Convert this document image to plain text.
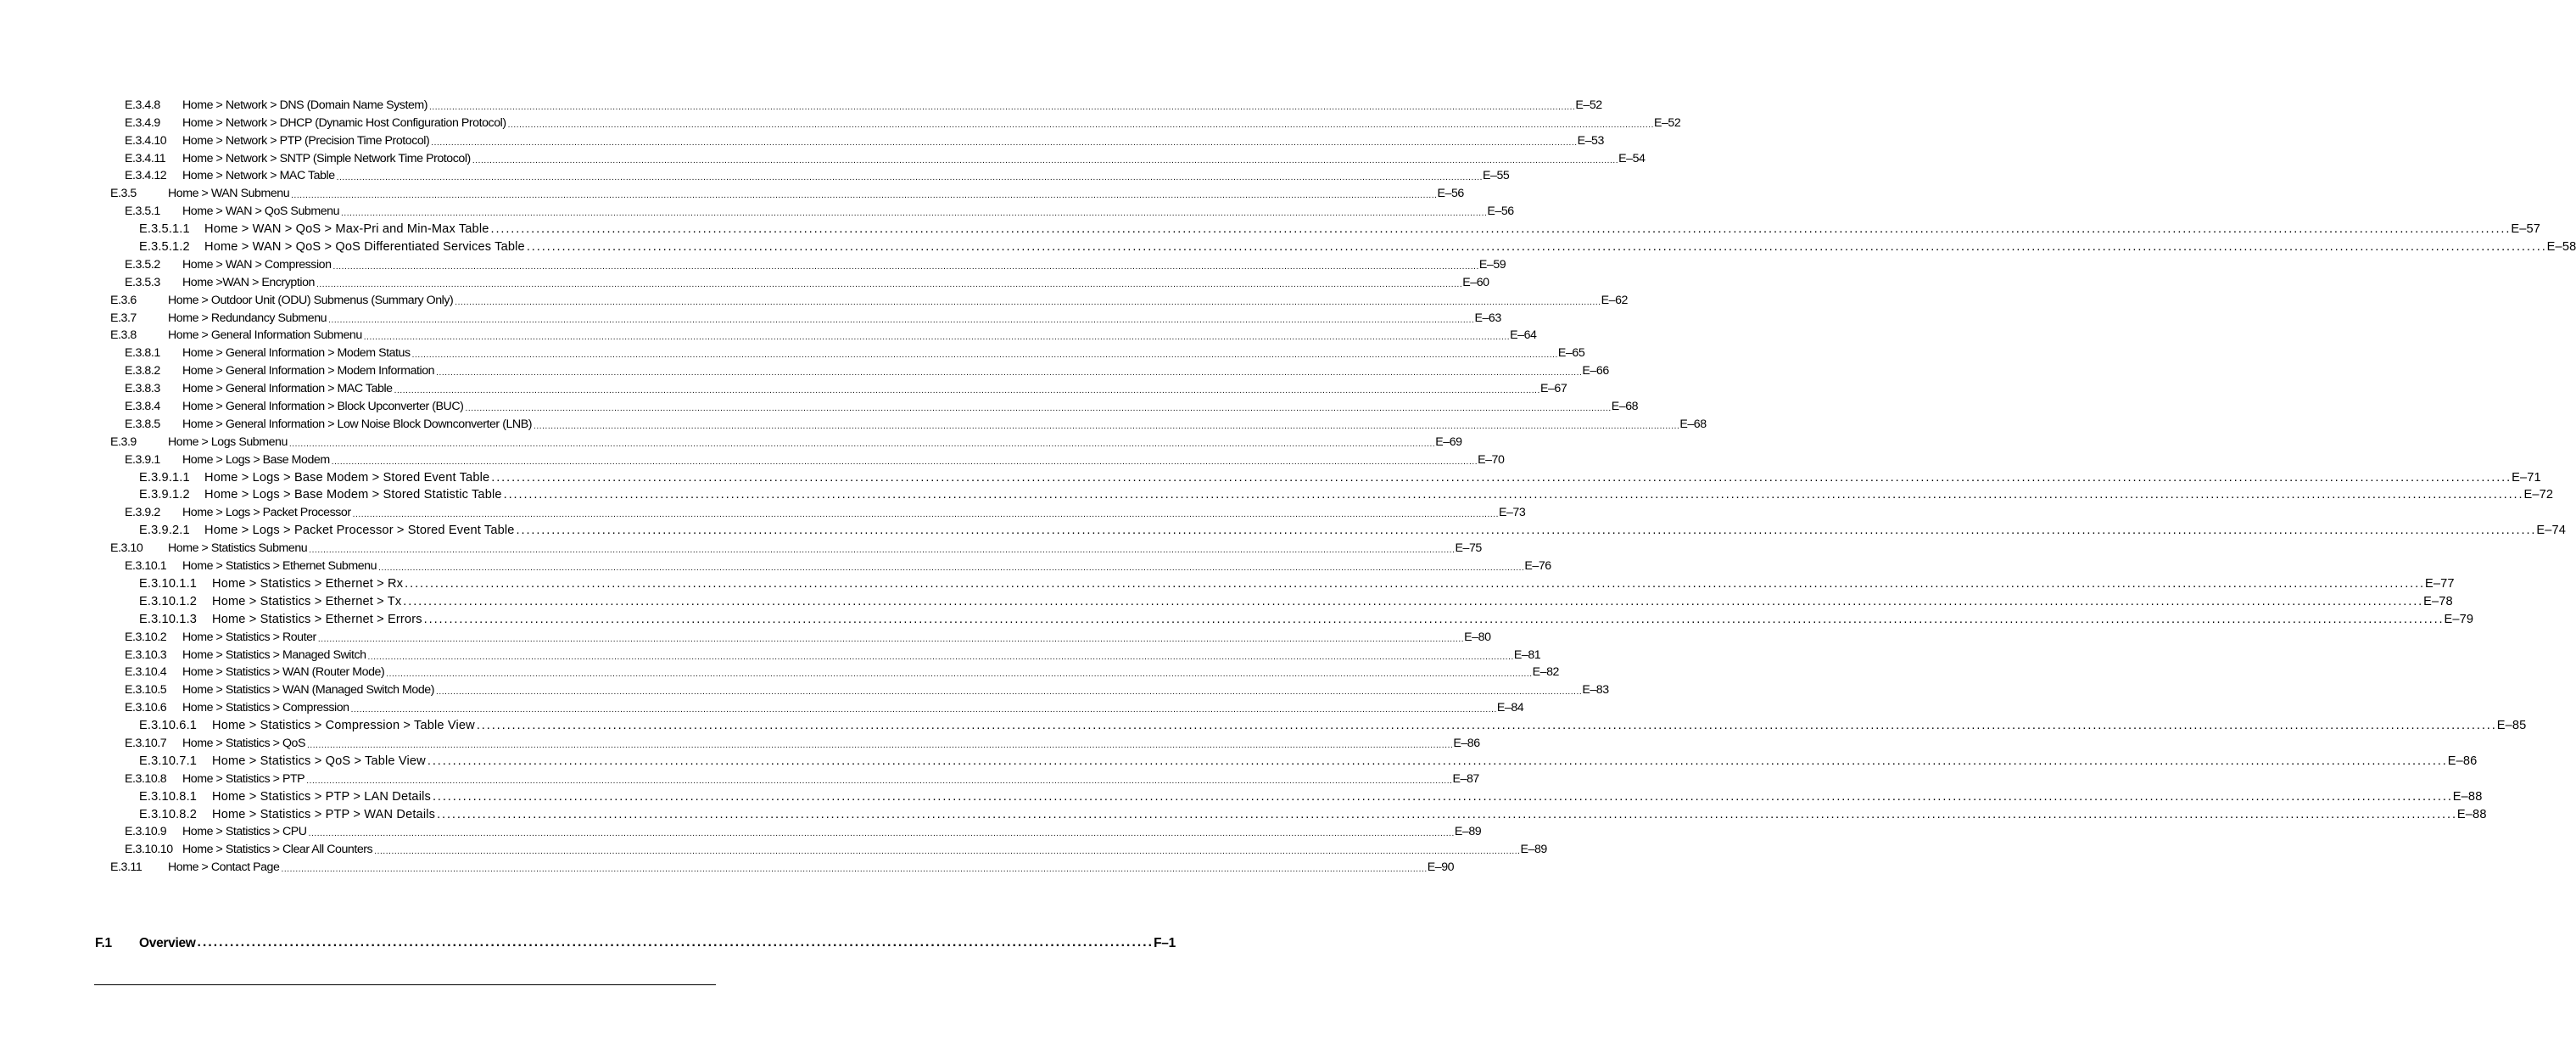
E.3.4.8 Home > Network > DNS (Domain Name System) ................................................................................................................................................................................................................................................................................................................................................................................................................ E–52
E.3.4.9 Home > Network > DHCP (Dynamic Host Configuration Protocol) ................................................................................................................................................................................................................................................................................................................................................................................................................ E–52
E.3.4.10 Home > Network > PTP (Precision Time Protocol) ................................................................................................................................................................................................................................................................................................................................................................................................................ E–53
E.3.4.11 Home > Network > SNTP (Simple Network Time Protocol) ................................................................................................................................................................................................................................................................................................................................................................................................................ E–54
E.3.4.12 Home > Network > MAC Table ................................................................................................................................................................................................................................................................................................................................................................................................................ E–55
E.3.5	Home > WAN Submenu ................................................................................................................................................................................................................................................................................................................................................................................................................ E–56
E.3.5.1 Home > WAN > QoS Submenu ................................................................................................................................................................................................................................................................................................................................................................................................................ E–56
E.3.5.1.1 Home > WAN > QoS > Max-Pri and Min-Max Table ................................................................................................................................................................................................................................................................................................................................................................................................................ E–57
E.3.5.1.2 Home > WAN > QoS > QoS Differentiated Services Table ................................................................................................................................................................................................................................................................................................................................................................................................................ E–58
E.3.5.2 Home > WAN > Compression ................................................................................................................................................................................................................................................................................................................................................................................................................ E–59
E.3.5.3 Home >WAN > Encryption ................................................................................................................................................................................................................................................................................................................................................................................................................ E–60
E.3.6	Home > Outdoor Unit (ODU) Submenus (Summary Only) ................................................................................................................................................................................................................................................................................................................................................................................................................ E–62
E.3.7	Home > Redundancy Submenu ................................................................................................................................................................................................................................................................................................................................................................................................................ E–63
E.3.8	Home > General Information Submenu ................................................................................................................................................................................................................................................................................................................................................................................................................ E–64
E.3.8.1 Home > General Information > Modem Status ................................................................................................................................................................................................................................................................................................................................................................................................................ E–65
E.3.8.2 Home > General Information > Modem Information ................................................................................................................................................................................................................................................................................................................................................................................................................ E–66
E.3.8.3 Home > General Information > MAC Table ................................................................................................................................................................................................................................................................................................................................................................................................................ E–67
E.3.8.4 Home > General Information > Block Upconverter (BUC) ................................................................................................................................................................................................................................................................................................................................................................................................................ E–68
E.3.8.5 Home > General Information > Low Noise Block Downconverter (LNB) ................................................................................................................................................................................................................................................................................................................................................................................................................ E–68
E.3.9	Home > Logs Submenu ................................................................................................................................................................................................................................................................................................................................................................................................................ E–69
E.3.9.1 Home > Logs > Base Modem ................................................................................................................................................................................................................................................................................................................................................................................................................ E–70
E.3.9.1.1 Home > Logs > Base Modem > Stored Event Table ................................................................................................................................................................................................................................................................................................................................................................................................................ E–71
E.3.9.1.2 Home > Logs > Base Modem > Stored Statistic Table ................................................................................................................................................................................................................................................................................................................................................................................................................ E–72
E.3.9.2 Home > Logs > Packet Processor ................................................................................................................................................................................................................................................................................................................................................................................................................ E–73
E.3.9.2.1 Home > Logs > Packet Processor > Stored Event Table ................................................................................................................................................................................................................................................................................................................................................................................................................ E–74
E.3.10 Home > Statistics Submenu ................................................................................................................................................................................................................................................................................................................................................................................................................ E–75
E.3.10.1 Home > Statistics > Ethernet Submenu ................................................................................................................................................................................................................................................................................................................................................................................................................ E–76
E.3.10.1.1 Home > Statistics > Ethernet > Rx ................................................................................................................................................................................................................................................................................................................................................................................................................ E–77
E.3.10.1.2 Home > Statistics > Ethernet > Tx ................................................................................................................................................................................................................................................................................................................................................................................................................ E–78
E.3.10.1.3 Home > Statistics > Ethernet > Errors ................................................................................................................................................................................................................................................................................................................................................................................................................ E–79
E.3.10.2 Home > Statistics > Router ................................................................................................................................................................................................................................................................................................................................................................................................................ E–80
E.3.10.3 Home > Statistics > Managed Switch ................................................................................................................................................................................................................................................................................................................................................................................................................ E–81
E.3.10.4 Home > Statistics > WAN (Router Mode) ................................................................................................................................................................................................................................................................................................................................................................................................................ E–82
E.3.10.5 Home > Statistics > WAN (Managed Switch Mode) ................................................................................................................................................................................................................................................................................................................................................................................................................ E–83
E.3.10.6 Home > Statistics > Compression ................................................................................................................................................................................................................................................................................................................................................................................................................ E–84
E.3.10.6.1 Home > Statistics > Compression > Table View ................................................................................................................................................................................................................................................................................................................................................................................................................ E–85
E.3.10.7 Home > Statistics > QoS ................................................................................................................................................................................................................................................................................................................................................................................................................ E–86
E.3.10.7.1 Home > Statistics > QoS > Table View ................................................................................................................................................................................................................................................................................................................................................................................................................ E–86
E.3.10.8 Home > Statistics > PTP ................................................................................................................................................................................................................................................................................................................................................................................................................ E–87
E.3.10.8.1 Home > Statistics > PTP > LAN Details ................................................................................................................................................................................................................................................................................................................................................................................................................ E–88
E.3.10.8.2 Home > Statistics > PTP > WAN Details ................................................................................................................................................................................................................................................................................................................................................................................................................ E–88
E.3.10.9 Home > Statistics > CPU ................................................................................................................................................................................................................................................................................................................................................................................................................ E–89
E.3.10.10 Home > Statistics > Clear All Counters ................................................................................................................................................................................................................................................................................................................................................................................................................ E–89
E.3.11 Home > Contact Page ................................................................................................................................................................................................................................................................................................................................................................................................................ E–90
F.1 Overview ................................................................................................................................................................................ F–1
